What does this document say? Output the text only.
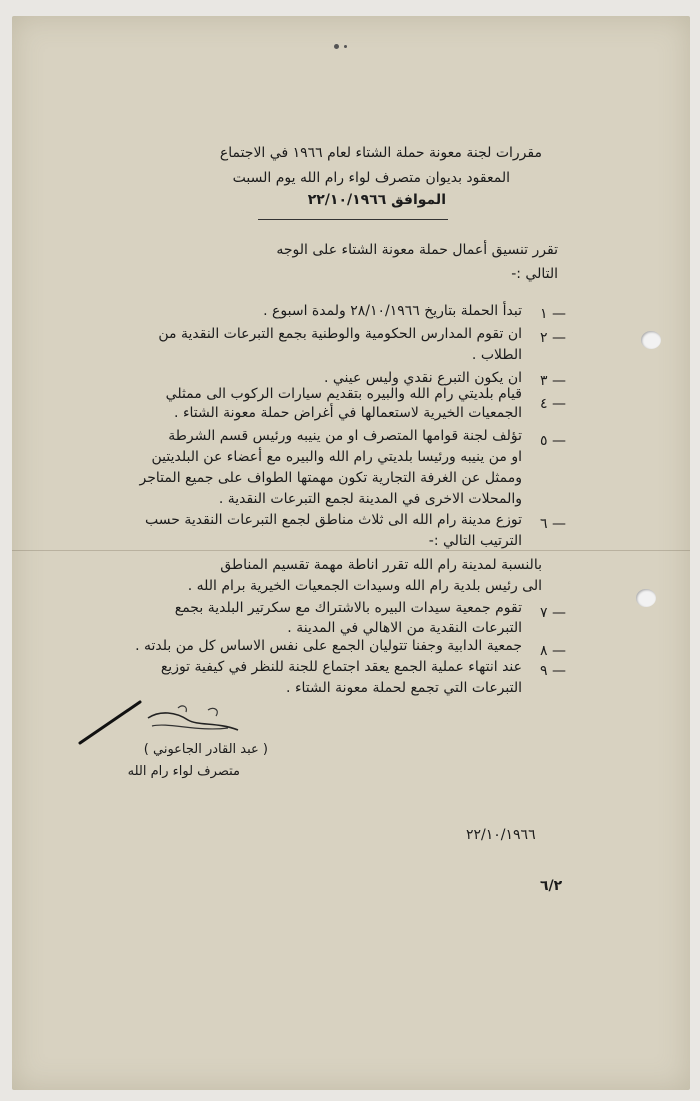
مقررات لجنة معونة حملة الشتاء لعام ١٩٦٦ في الاجتماع
المعقود بديوان متصرف لواء رام الله يوم السبت
الموافق ٢٢/١٠/١٩٦٦
تقرر تنسيق أعمال حملة معونة الشتاء على الوجه
التالي :-
١ —
تبدأ الحملة بتاريخ ٢٨/١٠/١٩٦٦ ولمدة اسبوع .
٢ —
ان تقوم المدارس الحكومية والوطنية بجمع التبرعات النقدية من
الطلاب .
٣ —
ان يكون التبرع نقدي وليس عيني .
٤ —
قيام بلديتي رام الله والبيره بتقديم سيارات الركوب الى ممثلي
الجمعيات الخيرية لاستعمالها في أغراض حملة معونة الشتاء .
٥ —
تؤلف لجنة قوامها المتصرف او من ينيبه ورئيس قسم الشرطة
او من ينيبه ورئيسا بلديتي رام الله والبيره مع أعضاء عن البلديتين
وممثل عن الغرفة التجارية تكون مهمتها الطواف على جميع المتاجر
والمحلات الاخرى في المدينة لجمع التبرعات النقدية .
٦ —
توزع مدينة رام الله الى ثلاث مناطق لجمع التبرعات النقدية حسب
الترتيب التالي :-
بالنسبة لمدينة رام الله تقرر اناطة مهمة تقسيم المناطق
الى رئيس بلدية رام الله وسيدات الجمعيات الخيرية برام الله .
٧ —
تقوم جمعية سيدات البيره بالاشتراك مع سكرتير البلدية بجمع
التبرعات النقدية من الاهالي في المدينة .
٨ —
جمعية الدابية وجفنا تتوليان الجمع على نفس الاساس كل من بلدته .
٩ —
عند انتهاء عملية الجمع يعقد اجتماع للجنة للنظر في كيفية توزيع
التبرعات التي تجمع لحملة معونة الشتاء .
( عبد القادر الجاعوني )
متصرف لواء رام الله
٢٢/١٠/١٩٦٦
٦/٢
